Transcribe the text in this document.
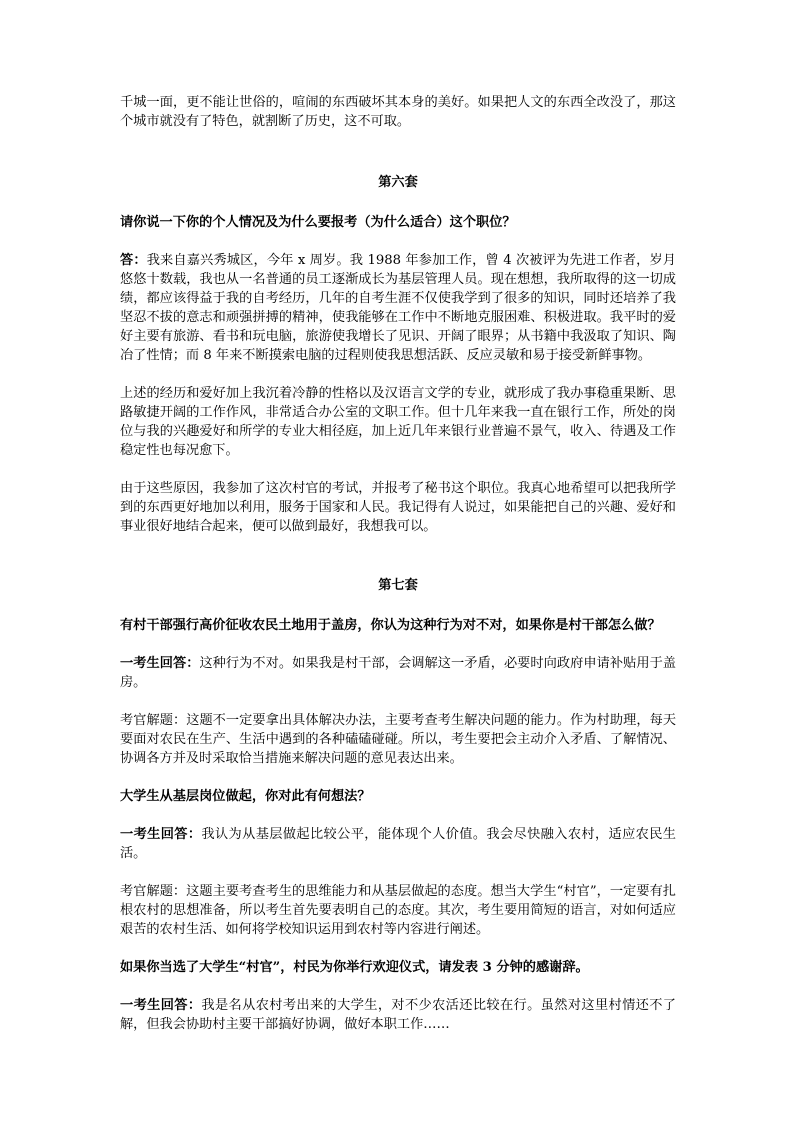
千城一面，更不能让世俗的，喧闹的东西破坏其本身的美好。如果把人文的东西全改没了，那这个城市就没有了特色，就割断了历史，这不可取。

第六套

请你说一下你的个人情况及为什么要报考（为什么适合）这个职位？

答：我来自嘉兴秀城区，今年 x 周岁。我 1988 年参加工作，曾 4 次被评为先进工作者，岁月悠悠十数载，我也从一名普通的员工逐渐成长为基层管理人员。现在想想，我所取得的这一切成绩，都应该得益于我的自考经历，几年的自考生涯不仅使我学到了很多的知识，同时还培养了我坚忍不拔的意志和顽强拼搏的精神，使我能够在工作中不断地克服困难、积极进取。我平时的爱好主要有旅游、看书和玩电脑，旅游使我增长了见识、开阔了眼界；从书籍中我汲取了知识、陶冶了性情；而 8 年来不断摸索电脑的过程则使我思想活跃、反应灵敏和易于接受新鲜事物。

上述的经历和爱好加上我沉着冷静的性格以及汉语言文学的专业，就形成了我办事稳重果断、思路敏捷开阔的工作作风，非常适合办公室的文职工作。但十几年来我一直在银行工作，所处的岗位与我的兴趣爱好和所学的专业大相径庭，加上近几年来银行业普遍不景气，收入、待遇及工作稳定性也每况愈下。

由于这些原因，我参加了这次村官的考试，并报考了秘书这个职位。我真心地希望可以把我所学到的东西更好地加以利用，服务于国家和人民。我记得有人说过，如果能把自己的兴趣、爱好和事业很好地结合起来，便可以做到最好，我想我可以。

第七套

有村干部强行高价征收农民土地用于盖房，你认为这种行为对不对，如果你是村干部怎么做？

一考生回答：这种行为不对。如果我是村干部，会调解这一矛盾，必要时向政府申请补贴用于盖房。

考官解题：这题不一定要拿出具体解决办法，主要考查考生解决问题的能力。作为村助理，每天要面对农民在生产、生活中遇到的各种磕磕碰碰。所以，考生要把会主动介入矛盾、了解情况、协调各方并及时采取恰当措施来解决问题的意见表达出来。

大学生从基层岗位做起，你对此有何想法？

一考生回答：我认为从基层做起比较公平，能体现个人价值。我会尽快融入农村，适应农民生活。

考官解题：这题主要考查考生的思维能力和从基层做起的态度。想当大学生“村官”，一定要有扎根农村的思想准备，所以考生首先要表明自己的态度。其次，考生要用简短的语言，对如何适应艰苦的农村生活、如何将学校知识运用到农村等内容进行阐述。

如果你当选了大学生“村官”，村民为你举行欢迎仪式，请发表 3 分钟的感谢辞。

一考生回答：我是名从农村考出来的大学生，对不少农活还比较在行。虽然对这里村情还不了解，但我会协助村主要干部搞好协调，做好本职工作……
